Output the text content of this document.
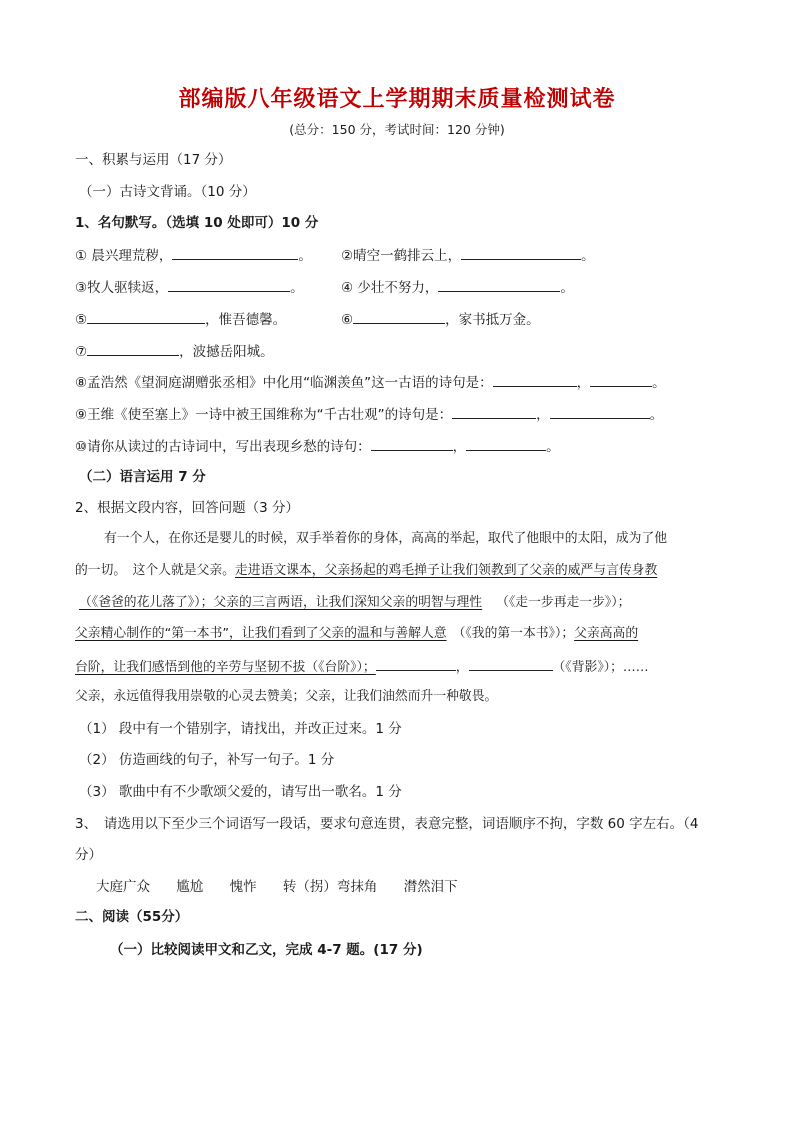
部编版八年级语文上学期期末质量检测试卷
(总分：150 分，考试时间：120 分钟)
一、积累与运用（17 分）
（一）古诗文背诵。（10 分）
1、名句默写。（选填 10 处即可）10 分
① 晨兴理荒秽，	。 ②晴空一鹤排云上，	。
③牧人驱犊返，	。	④ 少壮不努力，	。
⑤	，惟吾德馨。	⑥	，家书抵万金。
⑦	，波撼岳阳城。
⑧孟浩然《望洞庭湖赠张丞相》中化用“临渊羡鱼”这一古语的诗句是：	，	。
⑨王维《使至塞上》一诗中被王国维称为“千古壮观”的诗句是：	，	。
⑩请你从读过的古诗词中，写出表现乡愁的诗句：	，	。
（二）语言运用 7 分
2、根据文段内容，回答问题（3 分）
有一个人，在你还是婴儿的时候，双手举着你的身体，高高的举起，取代了他眼中的太阳，成为了他
的一切。　这个人就是父亲。走进语文课本，父亲扬起的鸡毛掸子让我们领教到了父亲的威严与言传身教
（《爸爸的花儿落了》）；父亲的三言两语，让我们深知父亲的明智与理性 （《走一步再走一步》）；
父亲精心制作的“第一本书”，让我们看到了父亲的温和与善解人意 （《我的第一本书》）；父亲高高的
台阶，让我们感悟到他的辛劳与坚韧不拔（《台阶》）；	，	（《背影》）；……
父亲，永远值得我用崇敬的心灵去赞美；父亲，让我们油然而升一种敬畏。
（1） 段中有一个错别字，请找出，并改正过来。1 分
（2） 仿造画线的句子，补写一句子。1 分
（3） 歌曲中有不少歌颂父爱的，请写出一歌名。1 分
3、　请选用以下至少三个词语写一段话，要求句意连贯，表意完整，词语顺序不拘，字数 60 字左右。（4
分）
大庭广众 尴尬 愧怍 转（拐）弯抹角 潸然泪下
二、阅读（55分）
（一）比较阅读甲文和乙文，完成 4-7 题。(17 分)
